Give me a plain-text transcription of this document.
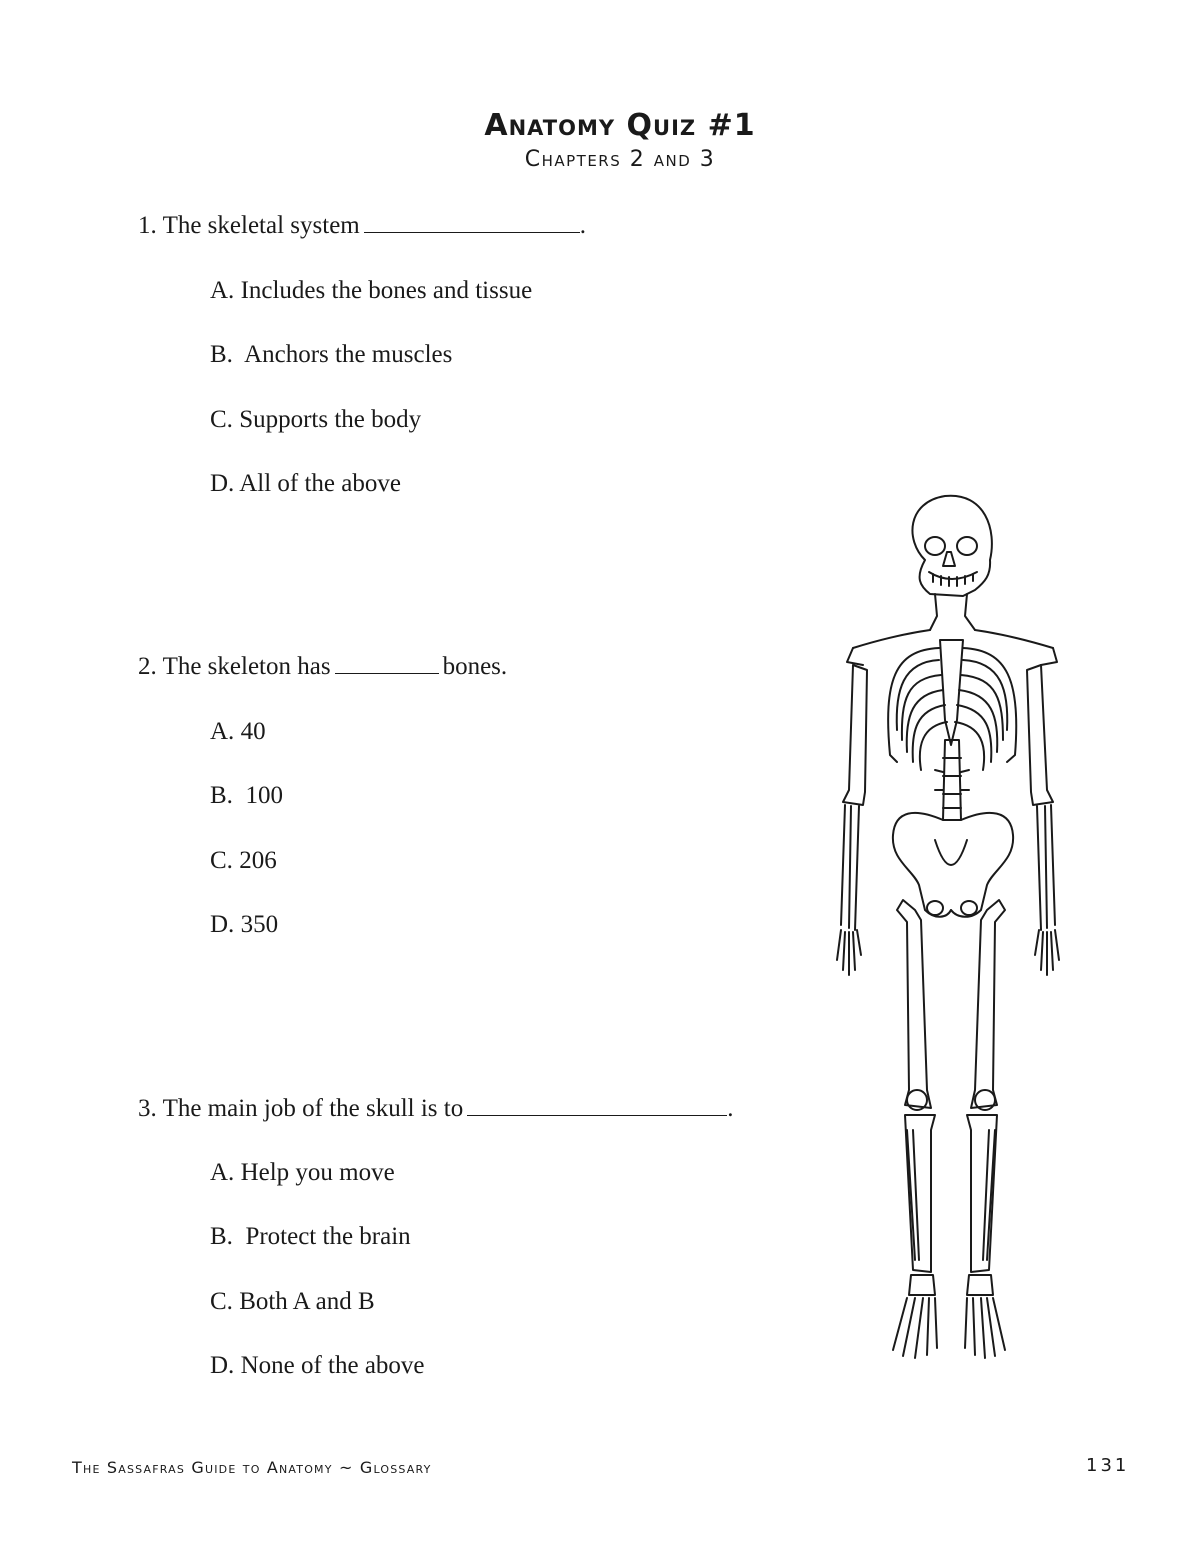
Anatomy Quiz #1
Chapters 2 and 3
1. The skeletal system	.
A. Includes the bones and tissue
B. Anchors the muscles
C. Supports the body
D. All of the above
2. The skeleton has	bones.
A. 40
B. 100
C. 206
D. 350
3. The main job of the skull is to	.
A. Help you move
B. Protect the brain
C. Both A and B
D. None of the above
The Sassafras Guide to Anatomy ~ Glossary	131
